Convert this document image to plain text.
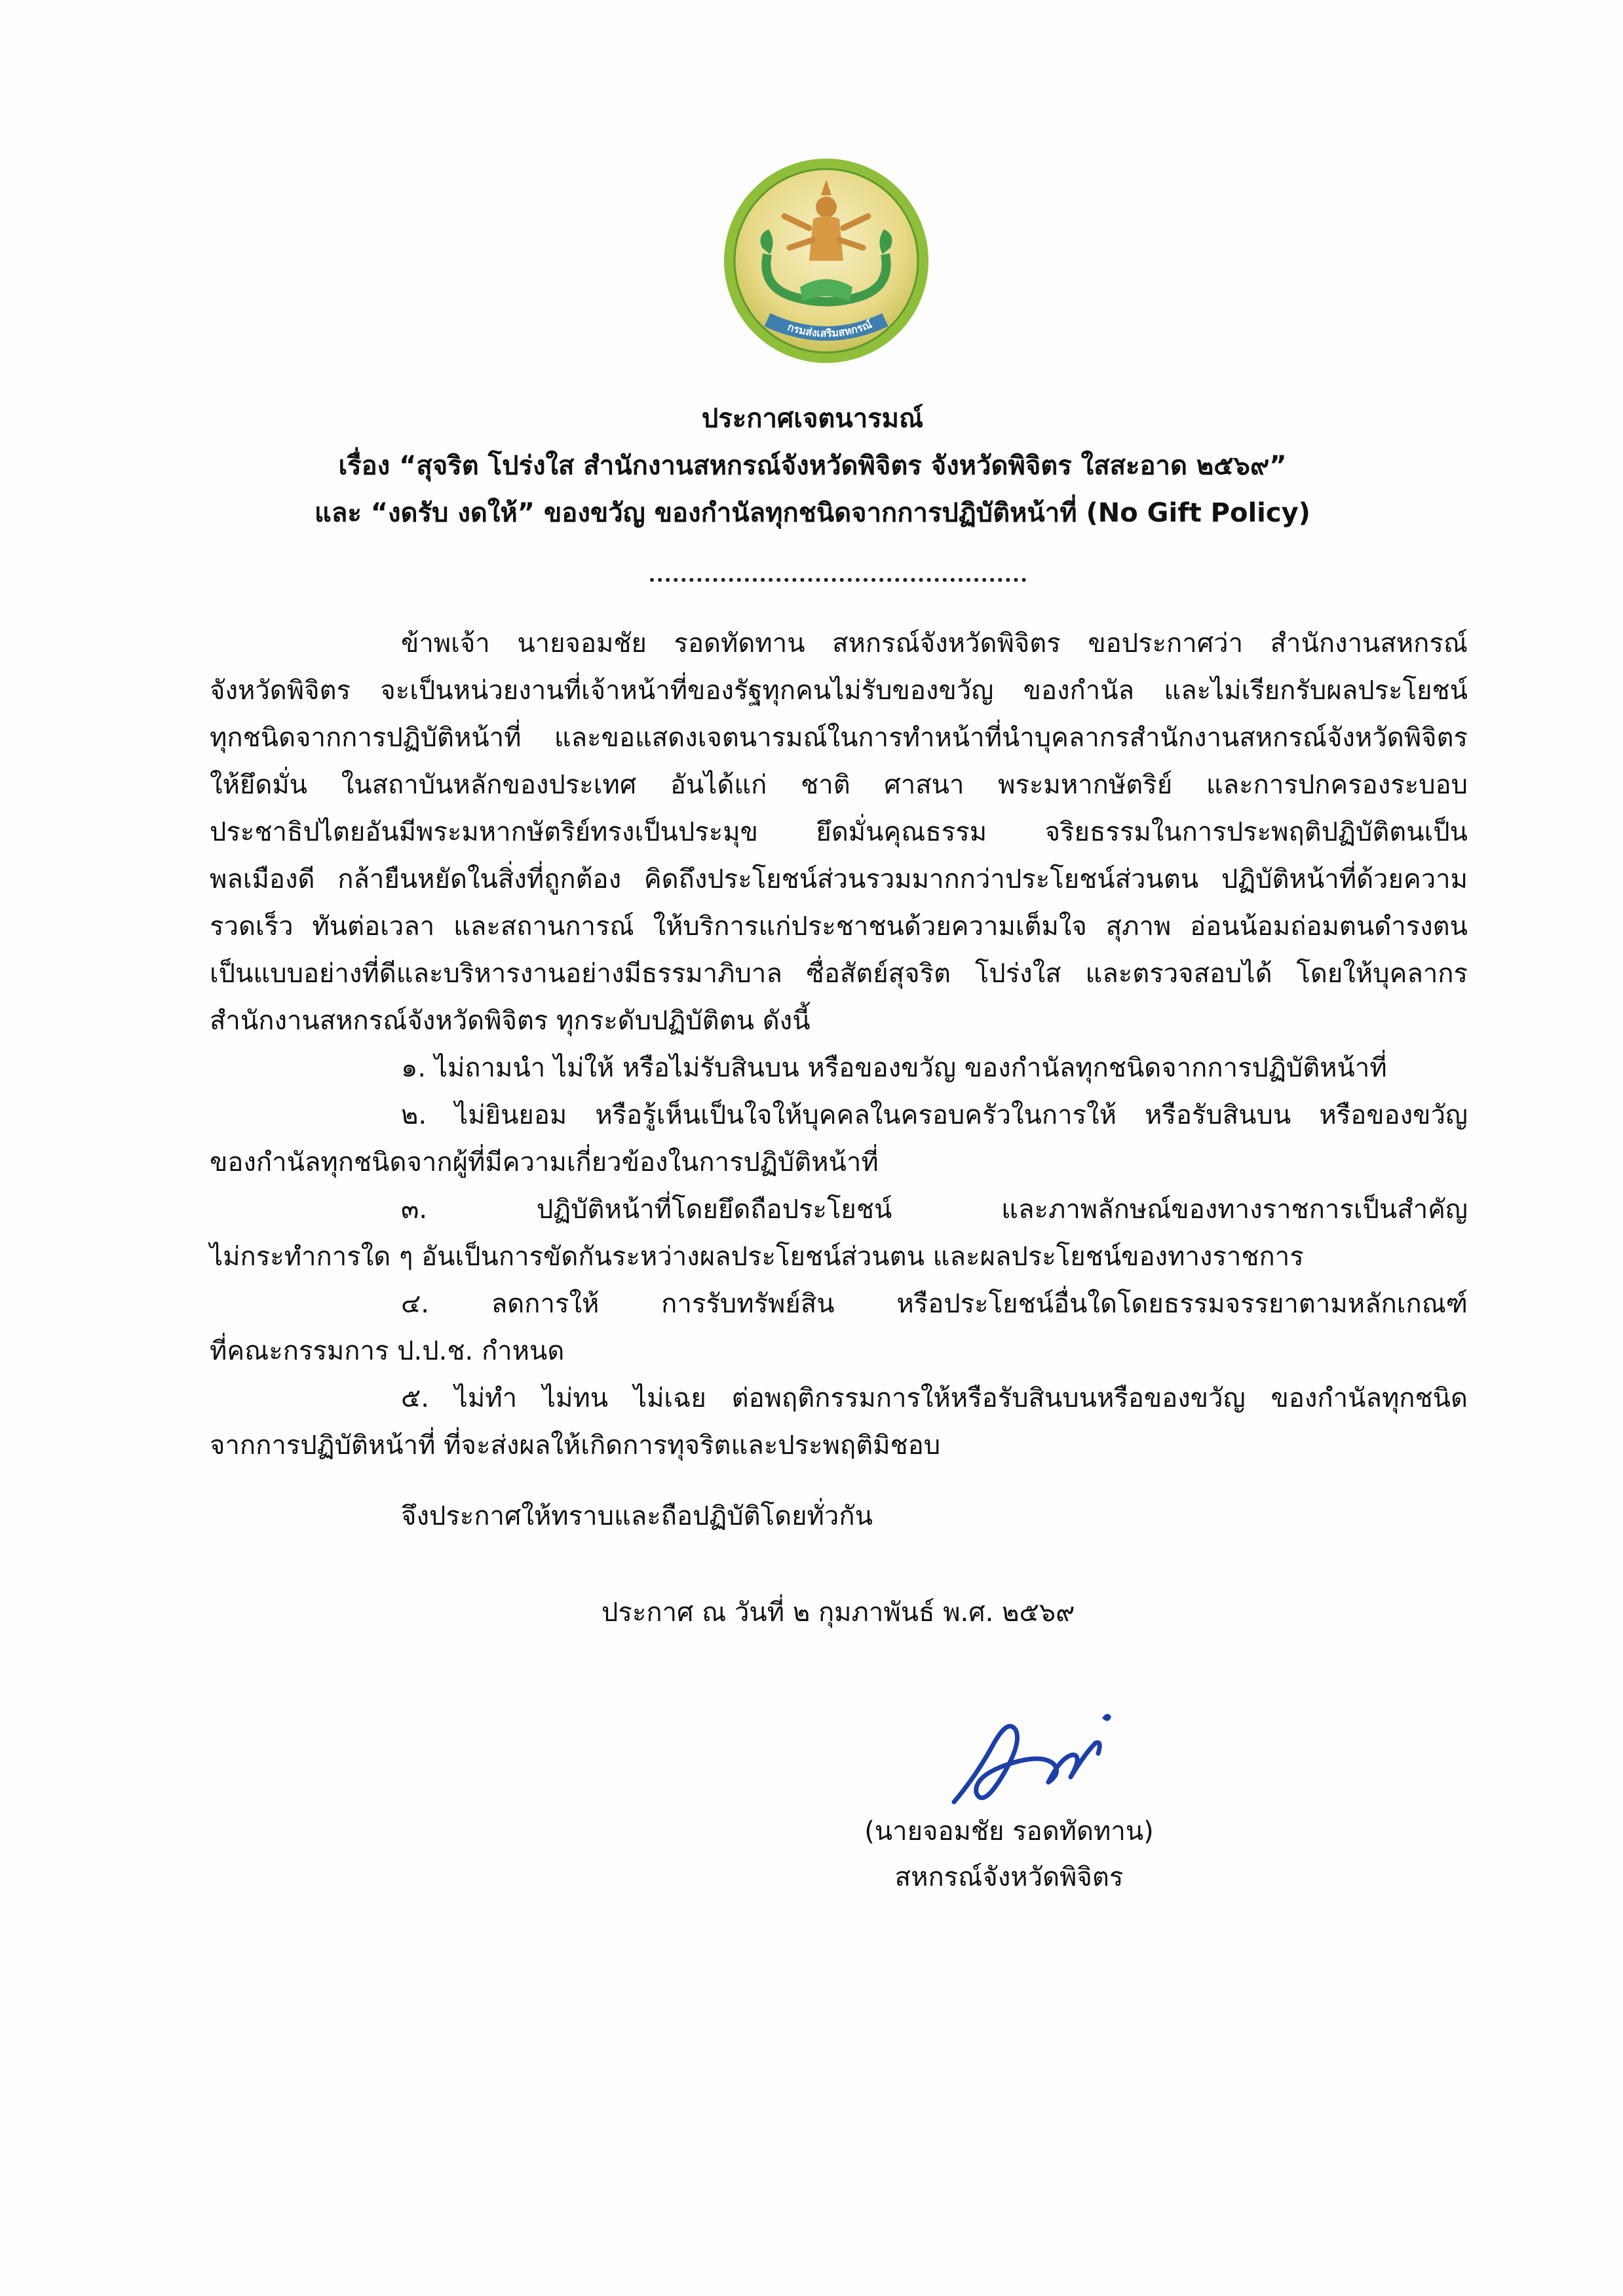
กรมส่งเสริมสหกรณ์
ประกาศเจตนารมณ์
เรื่อง “สุจริต โปร่งใส สำนักงานสหกรณ์จังหวัดพิจิตร จังหวัดพิจิตร ใสสะอาด ๒๕๖๙”
และ “งดรับ งดให้” ของขวัญ ของกำนัลทุกชนิดจากการปฏิบัติหน้าที่ (No Gift Policy)
ข้าพเจ้า นายจอมชัย รอดทัดทาน สหกรณ์จังหวัดพิจิตร ขอประกาศว่า สำนักงานสหกรณ์
จังหวัดพิจิตร จะเป็นหน่วยงานที่เจ้าหน้าที่ของรัฐทุกคนไม่รับของขวัญ ของกำนัล และไม่เรียกรับผลประโยชน์
ทุกชนิดจากการปฏิบัติหน้าที่ และขอแสดงเจตนารมณ์ในการทำหน้าที่นำบุคลากรสำนักงานสหกรณ์จังหวัดพิจิตร
ให้ยึดมั่น ในสถาบันหลักของประเทศ อันได้แก่ ชาติ ศาสนา พระมหากษัตริย์ และการปกครองระบอบ
ประชาธิปไตยอันมีพระมหากษัตริย์ทรงเป็นประมุข ยึดมั่นคุณธรรม จริยธรรมในการประพฤติปฏิบัติตนเป็น
พลเมืองดี กล้ายืนหยัดในสิ่งที่ถูกต้อง คิดถึงประโยชน์ส่วนรวมมากกว่าประโยชน์ส่วนตน ปฏิบัติหน้าที่ด้วยความ
รวดเร็ว ทันต่อเวลา และสถานการณ์ ให้บริการแก่ประชาชนด้วยความเต็มใจ สุภาพ อ่อนน้อมถ่อมตนดำรงตน
เป็นแบบอย่างที่ดีและบริหารงานอย่างมีธรรมาภิบาล ซื่อสัตย์สุจริต โปร่งใส และตรวจสอบได้ โดยให้บุคลากร
สำนักงานสหกรณ์จังหวัดพิจิตร ทุกระดับปฏิบัติตน ดังนี้
๑. ไม่ถามนำ ไม่ให้ หรือไม่รับสินบน หรือของขวัญ ของกำนัลทุกชนิดจากการปฏิบัติหน้าที่
๒. ไม่ยินยอม หรือรู้เห็นเป็นใจให้บุคคลในครอบครัวในการให้ หรือรับสินบน หรือของขวัญ
ของกำนัลทุกชนิดจากผู้ที่มีความเกี่ยวข้องในการปฏิบัติหน้าที่
๓. ปฏิบัติหน้าที่โดยยึดถือประโยชน์ และภาพลักษณ์ของทางราชการเป็นสำคัญ
ไม่กระทำการใด ๆ อันเป็นการขัดกันระหว่างผลประโยชน์ส่วนตน และผลประโยชน์ของทางราชการ
๔. ลดการให้ การรับทรัพย์สิน หรือประโยชน์อื่นใดโดยธรรมจรรยาตามหลักเกณฑ์
ที่คณะกรรมการ ป.ป.ช. กำหนด
๕. ไม่ทำ ไม่ทน ไม่เฉย ต่อพฤติกรรมการให้หรือรับสินบนหรือของขวัญ ของกำนัลทุกชนิด
จากการปฏิบัติหน้าที่ ที่จะส่งผลให้เกิดการทุจริตและประพฤติมิชอบ
จึงประกาศให้ทราบและถือปฏิบัติโดยทั่วกัน
ประกาศ ณ วันที่ ๒ กุมภาพันธ์ พ.ศ. ๒๕๖๙
(นายจอมชัย รอดทัดทาน)
สหกรณ์จังหวัดพิจิตร
